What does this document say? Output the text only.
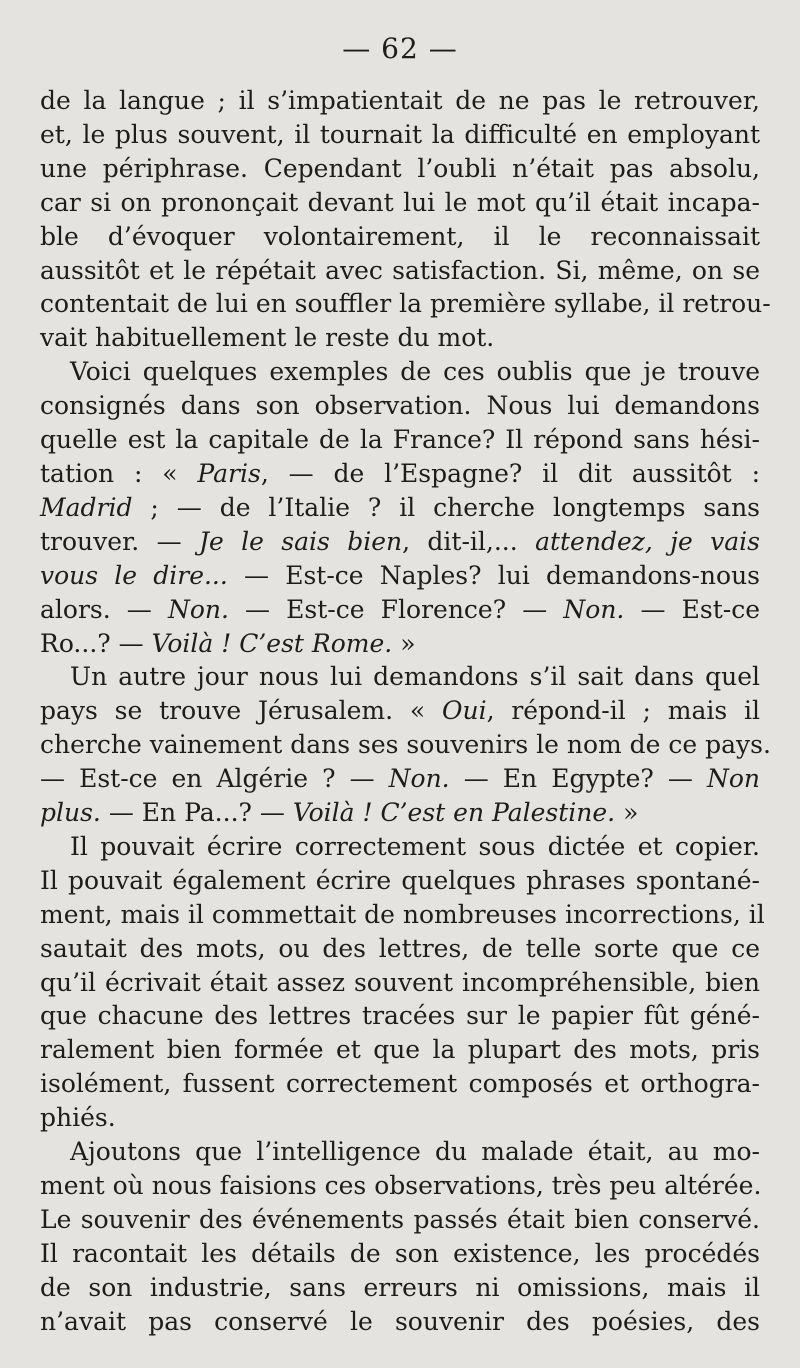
— 62 —
de la langue ; il s’impatientait de ne pas le retrouver,
et, le plus souvent, il tournait la difficulté en employant
une périphrase. Cependant l’oubli n’était pas absolu,
car si on prononçait devant lui le mot qu’il était incapa-
ble d’évoquer volontairement, il le reconnaissait
aussitôt et le répétait avec satisfaction. Si, même, on se
contentait de lui en souffler la première syllabe, il retrou-
vait habituellement le reste du mot.
Voici quelques exemples de ces oublis que je trouve
consignés dans son observation. Nous lui demandons
quelle est la capitale de la France? Il répond sans hési-
tation : « Paris, — de l’Espagne? il dit aussitôt :
Madrid ; — de l’Italie ? il cherche longtemps sans
trouver. — Je le sais bien, dit-il,... attendez, je vais
vous le dire... — Est-ce Naples? lui demandons-nous
alors. — Non. — Est-ce Florence? — Non. — Est-ce
Ro...? — Voilà ! C’est Rome. »
Un autre jour nous lui demandons s’il sait dans quel
pays se trouve Jérusalem. « Oui, répond-il ; mais il
cherche vainement dans ses souvenirs le nom de ce pays.
— Est-ce en Algérie ? — Non. — En Egypte? — Non
plus. — En Pa...? — Voilà ! C’est en Palestine. »
Il pouvait écrire correctement sous dictée et copier.
Il pouvait également écrire quelques phrases spontané-
ment, mais il commettait de nombreuses incorrections, il
sautait des mots, ou des lettres, de telle sorte que ce
qu’il écrivait était assez souvent incompréhensible, bien
que chacune des lettres tracées sur le papier fût géné-
ralement bien formée et que la plupart des mots, pris
isolément, fussent correctement composés et orthogra-
phiés.
Ajoutons que l’intelligence du malade était, au mo-
ment où nous faisions ces observations, très peu altérée.
Le souvenir des événements passés était bien conservé.
Il racontait les détails de son existence, les procédés
de son industrie, sans erreurs ni omissions, mais il
n’avait pas conservé le souvenir des poésies, des
